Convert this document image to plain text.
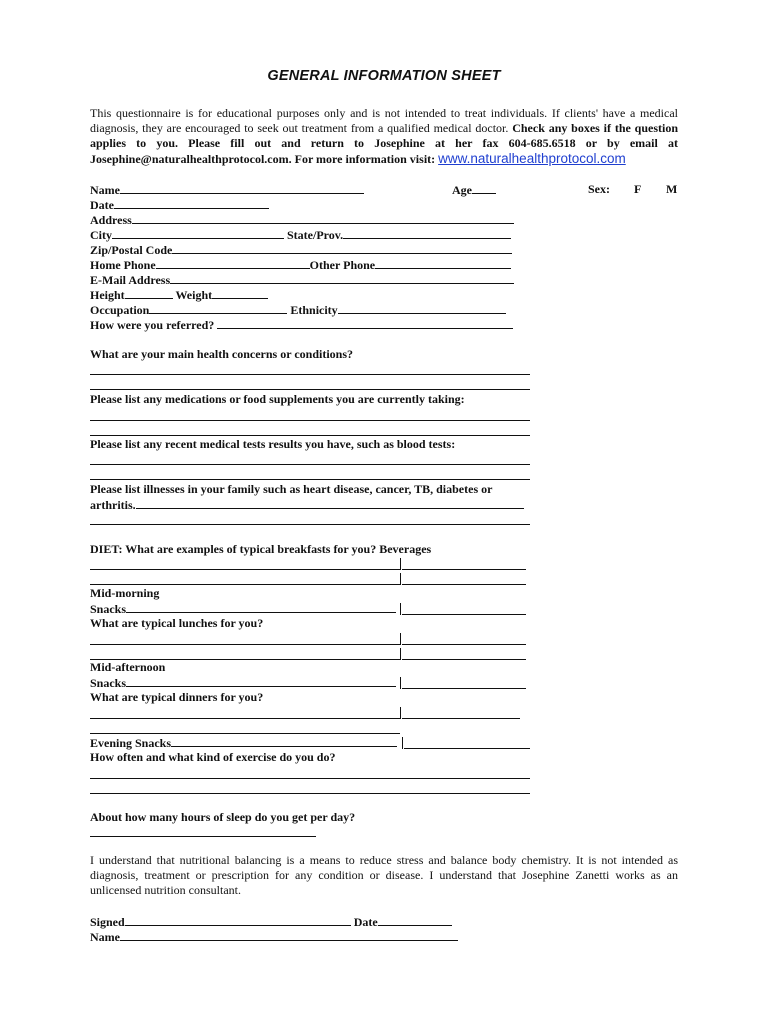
GENERAL INFORMATION SHEET
This questionnaire is for educational purposes only and is not intended to treat individuals. If clients' have a medical diagnosis, they are encouraged to seek out treatment from a qualified medical doctor. Check any boxes if the question applies to you. Please fill out and return to Josephine at her fax 604-685.6518 or by email at Josephine@naturalhealthprotocol.com. For more information visit: www.naturalhealthprotocol.com
Name	Age	Sex: F M
Date
Address
City	State/Prov.
Zip/Postal Code
Home Phone	Other Phone
E-Mail Address
Height	Weight
Occupation	Ethnicity
How were you referred?
What are your main health concerns or conditions?
Please list any medications or food supplements you are currently taking:
Please list any recent medical tests results you have, such as blood tests:
Please list illnesses in your family such as heart disease, cancer, TB, diabetes or
arthritis.
DIET: What are examples of typical breakfasts for you? Beverages
Mid-morning
Snacks
What are typical lunches for you?
Mid-afternoon
Snacks
What are typical dinners for you?
Evening Snacks
How often and what kind of exercise do you do?
About how many hours of sleep do you get per day?
I understand that nutritional balancing is a means to reduce stress and balance body chemistry. It is not intended as diagnosis, treatment or prescription for any condition or disease. I understand that Josephine Zanetti works as an unlicensed nutrition consultant.
Signed	Date
Name
